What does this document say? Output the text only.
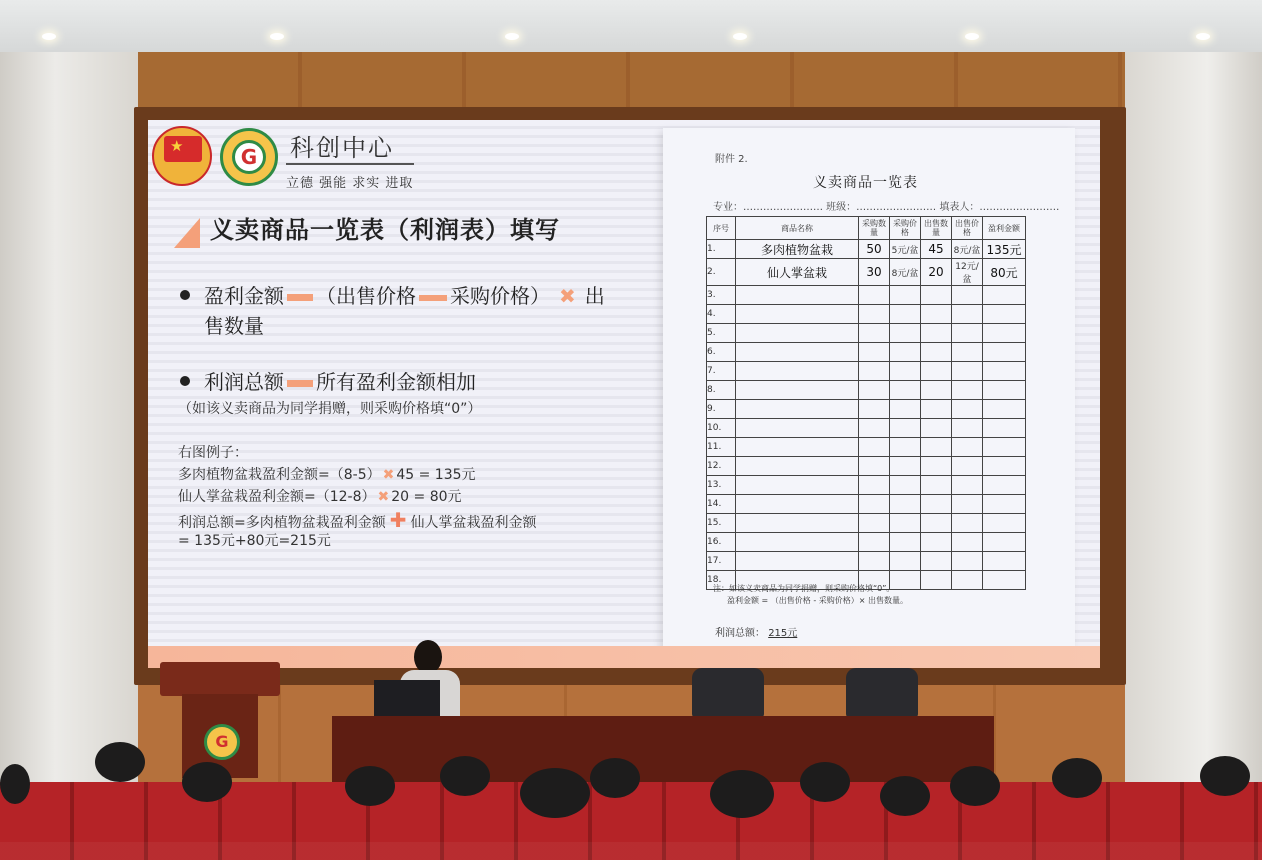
★	G	科创中心
立德 强能 求实 进取
义卖商品一览表（利润表）填写
盈利金额 （出售价格 采购价格） ✖ 出
售数量
利润总额 所有盈利金额相加
（如该义卖商品为同学捐赠，则采购价格填“0”）
右图例子：
多肉植物盆栽盈利金额=（8-5） ✖ 45 = 135元
仙人掌盆栽盈利金额=（12-8） ✖ 20 = 80元
利润总额=多肉植物盆栽盈利金额 ✚ 仙人掌盆栽盈利金额
= 135元+80元=215元
附件 2.
义卖商品一览表
专业：…………………… 班级：…………………… 填表人：……………………
序号	商品名称	采购数量	采购价格	出售数量	出售价格	盈利金额
1.	多肉植物盆栽	50	5元/盆	45	8元/盆	135元
2.	仙人掌盆栽	30	8元/盆	20	12元/盆	80元
3.						
4.						
5.						
6.						
7.						
8.						
9.						
10.						
11.						
12.						
13.						
14.						
15.						
16.						
17.						
18.						
注：如该义卖商品为同学捐赠，则采购价格填“0”。
盈利金额 = （出售价格 - 采购价格）× 出售数量。
利润总额： 215元
G
